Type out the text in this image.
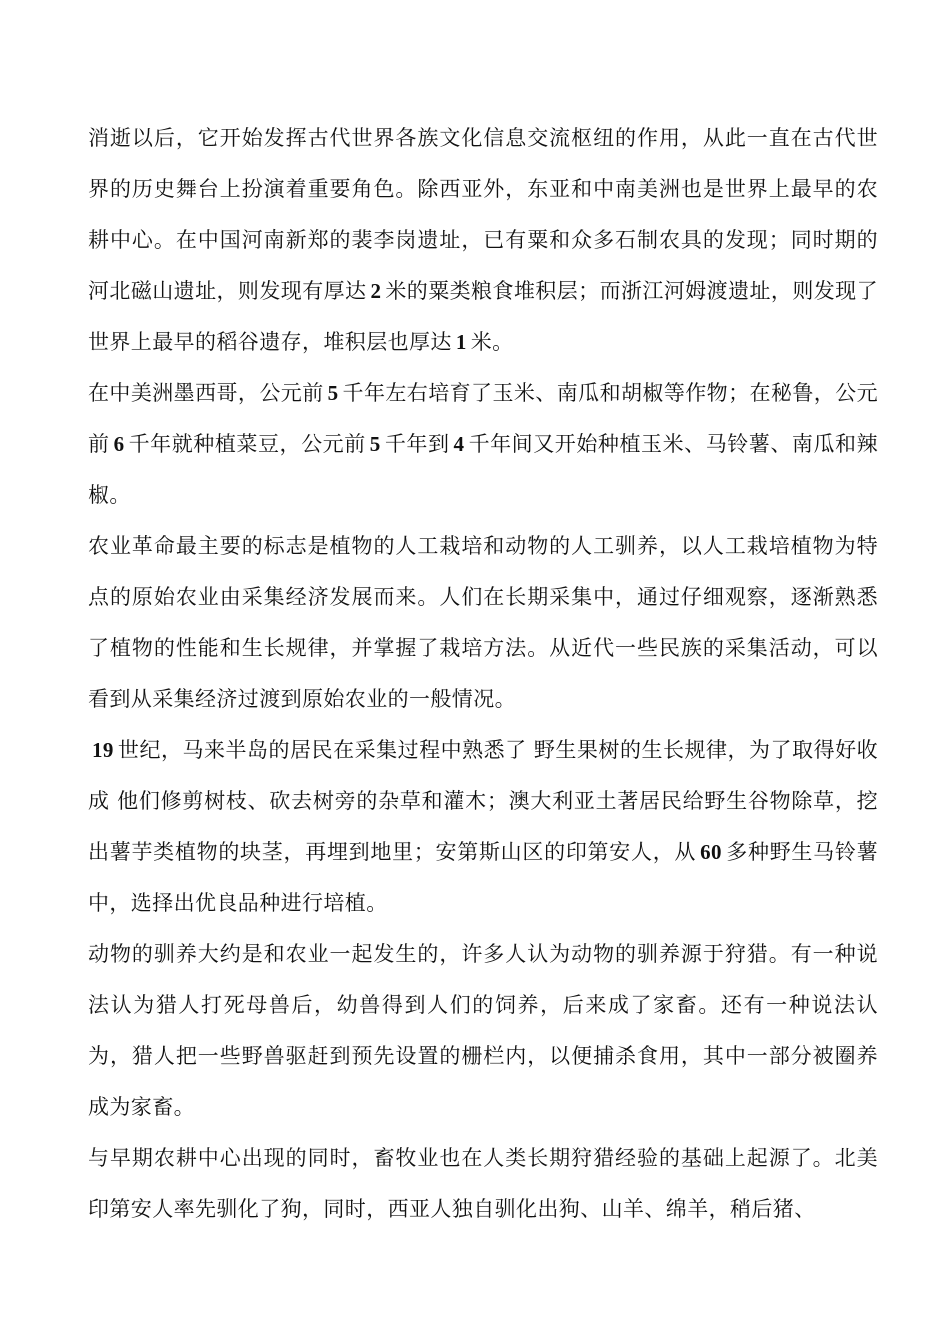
消逝以后，它开始发挥古代世界各族文化信息交流枢纽的作用，从此一直在古代世界的历史舞台上扮演着重要角色。除西亚外，东亚和中南美洲也是世界上最早的农耕中心。在中国河南新郑的裴李岗遗址，已有粟和众多石制农具的发现；同时期的河北磁山遗址，则发现有厚达 2 米的粟类粮食堆积层；而浙江河姆渡遗址，则发现了世界上最早的稻谷遗存，堆积层也厚达 1 米。

在中美洲墨西哥，公元前 5 千年左右培育了玉米、南瓜和胡椒等作物；在秘鲁，公元前 6 千年就种植菜豆，公元前 5 千年到 4 千年间又开始种植玉米、马铃薯、南瓜和辣椒。

农业革命最主要的标志是植物的人工栽培和动物的人工驯养，以人工栽培植物为特点的原始农业由采集经济发展而来。人们在长期采集中，通过仔细观察，逐渐熟悉了植物的性能和生长规律，并掌握了栽培方法。从近代一些民族的采集活动，可以看到从采集经济过渡到原始农业的一般情况。

19 世纪，马来半岛的居民在采集过程中熟悉了 野生果树的生长规律，为了取得好收成 他们修剪树枝、砍去树旁的杂草和灌木；澳大利亚土著居民给野生谷物除草，挖出薯芋类植物的块茎，再埋到地里；安第斯山区的印第安人，从 60 多种野生马铃薯中，选择出优良品种进行培植。

动物的驯养大约是和农业一起发生的，许多人认为动物的驯养源于狩猎。有一种说法认为猎人打死母兽后，幼兽得到人们的饲养，后来成了家畜。还有一种说法认为，猎人把一些野兽驱赶到预先设置的栅栏内，以便捕杀食用，其中一部分被圈养成为家畜。

与早期农耕中心出现的同时，畜牧业也在人类长期狩猎经验的基础上起源了。北美印第安人率先驯化了狗，同时，西亚人独自驯化出狗、山羊、绵羊，稍后猪、
